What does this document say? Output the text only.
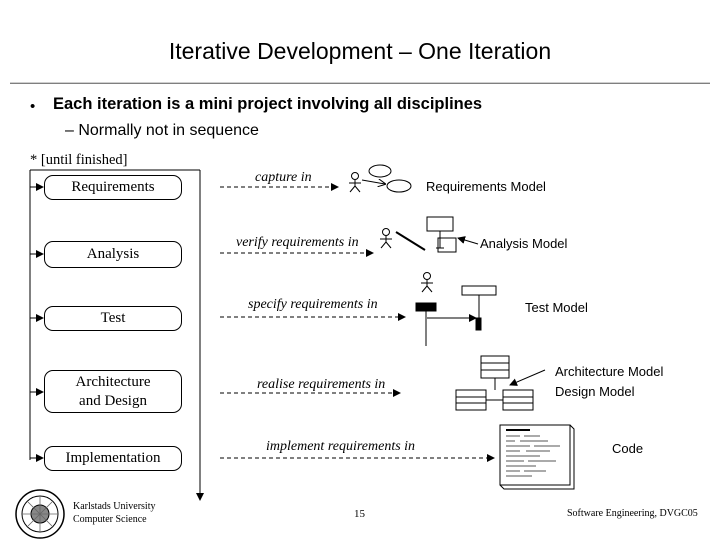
Iterative Development – One Iteration
• Each iteration is a mini project involving all disciplines
– Normally not in sequence
* [until finished]
Requirements
Analysis
Test
Architecture and Design
Implementation
capture in
verify requirements in
specify requirements in
realise requirements in
implement requirements in
Requirements Model
Analysis Model
Test Model
Architecture Model
Design Model
Code
Karlstads University
Computer Science	15	Software Engineering, DVGC05
